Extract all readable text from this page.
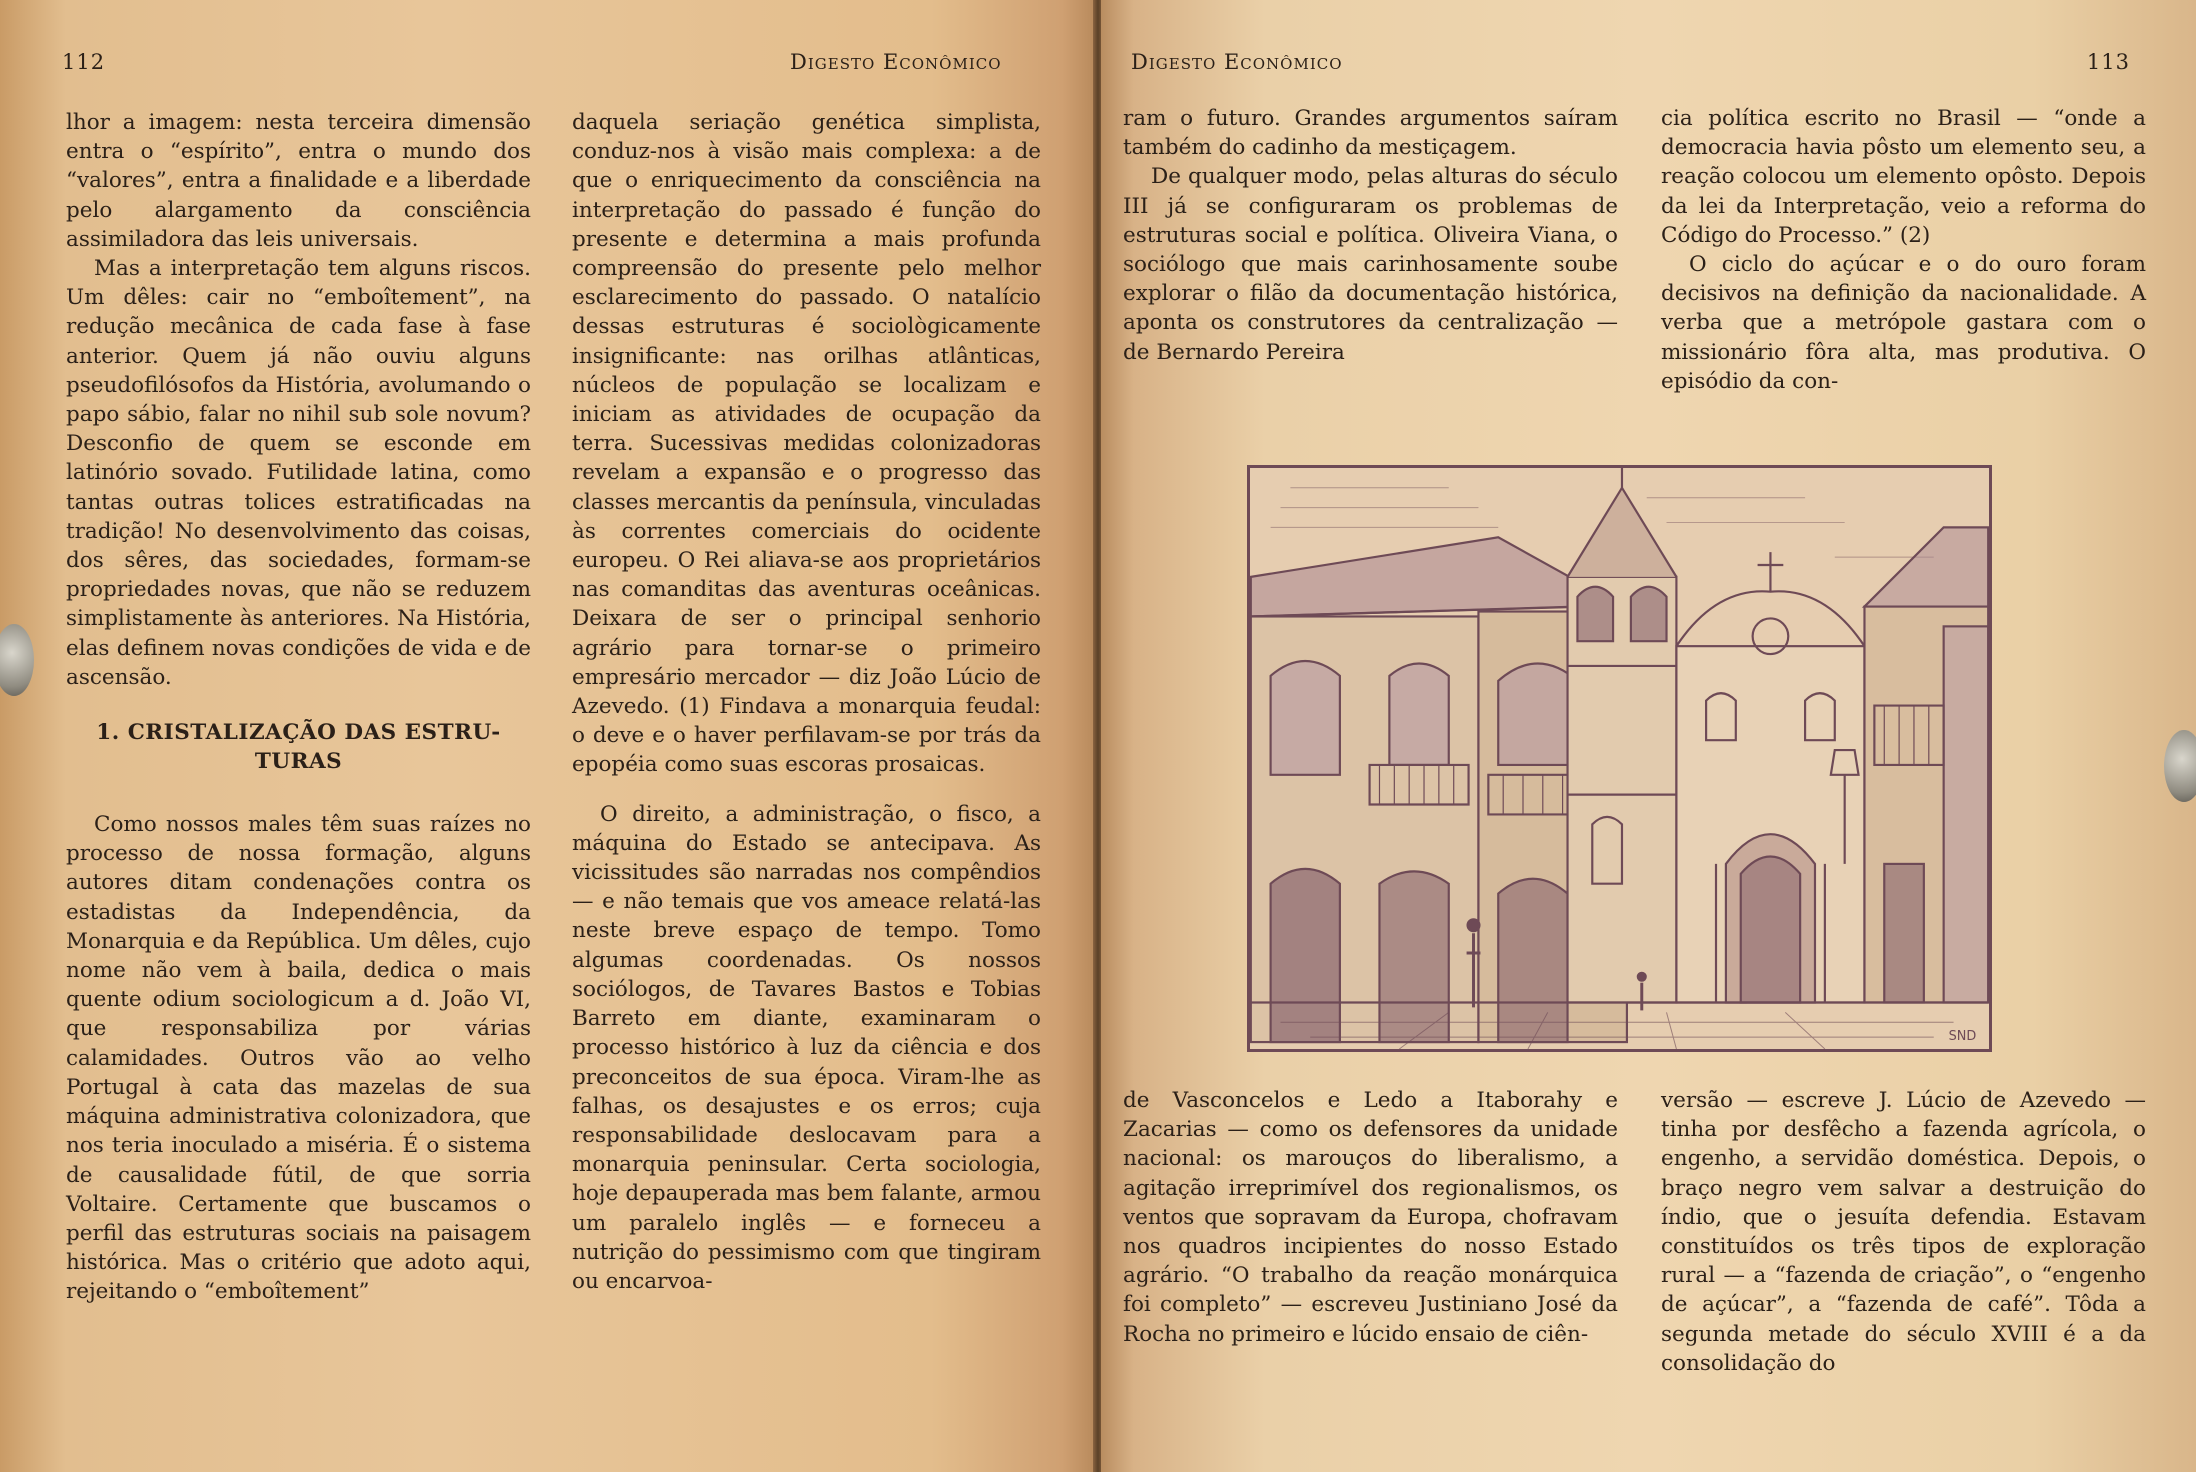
112	Digesto Econômico

lhor a imagem: nesta terceira dimensão entra o “espírito”, entra o mundo dos “valores”, entra a finalidade e a liberdade pelo alargamento da consciência assimiladora das leis universais.

Mas a interpretação tem alguns riscos. Um dêles: cair no “emboîtement”, na redução mecânica de cada fase à fase anterior. Quem já não ouviu alguns pseudofilósofos da História, avolumando o papo sábio, falar no nihil sub sole novum? Desconfio de quem se esconde em latinório sovado. Futilidade latina, como tantas outras tolices estratificadas na tradição! No desenvolvimento das coisas, dos sêres, das sociedades, formam-se propriedades novas, que não se reduzem simplistamente às anteriores. Na História, elas definem novas condições de vida e de ascensão.

1. CRISTALIZAÇÃO DAS ESTRU-
TURAS

Como nossos males têm suas raízes no processo de nossa formação, alguns autores ditam condenações contra os estadistas da Independência, da Monarquia e da República. Um dêles, cujo nome não vem à baila, dedica o mais quente odium sociologicum a d. João VI, que responsabiliza por várias calamidades. Outros vão ao velho Portugal à cata das mazelas de sua máquina administrativa colonizadora, que nos teria inoculado a miséria. É o sistema de causalidade fútil, de que sorria Voltaire. Certamente que buscamos o perfil das estruturas sociais na paisagem histórica. Mas o critério que adoto aqui, rejeitando o “emboîtement”

daquela seriação genética simplista, conduz-nos à visão mais complexa: a de que o enriquecimento da consciência na interpretação do passado é função do presente e determina a mais profunda compreensão do presente pelo melhor esclarecimento do passado. O natalício dessas estruturas é sociològicamente insignificante: nas orilhas atlânticas, núcleos de população se localizam e iniciam as atividades de ocupação da terra. Sucessivas medidas colonizadoras revelam a expansão e o progresso das classes mercantis da península, vinculadas às correntes comerciais do ocidente europeu. O Rei aliava-se aos proprietários nas comanditas das aventuras oceânicas. Deixara de ser o principal senhorio agrário para tornar-se o primeiro empresário mercador — diz João Lúcio de Azevedo. (1) Findava a monarquia feudal: o deve e o haver perfilavam-se por trás da epopéia como suas escoras prosaicas.

O direito, a administração, o fisco, a máquina do Estado se antecipava. As vicissitudes são narradas nos compêndios — e não temais que vos ameace relatá-las neste breve espaço de tempo. Tomo algumas coordenadas. Os nossos sociólogos, de Tavares Bastos e Tobias Barreto em diante, examinaram o processo histórico à luz da ciência e dos preconceitos de sua época. Viram-lhe as falhas, os desajustes e os erros; cuja responsabilidade deslocavam para a monarquia peninsular. Certa sociologia, hoje depauperada mas bem falante, armou um paralelo inglês — e forneceu a nutrição do pessimismo com que tingiram ou encarvoa-

Digesto Econômico	113

ram o futuro. Grandes argumentos saíram também do cadinho da mestiçagem.

De qualquer modo, pelas alturas do século III já se configuraram os problemas de estruturas social e política. Oliveira Viana, o sociólogo que mais carinhosamente soube explorar o filão da documentação histórica, aponta os construtores da centralização — de Bernardo Pereira

cia política escrito no Brasil — “onde a democracia havia pôsto um elemento seu, a reação colocou um elemento opôsto. Depois da lei da Interpretação, veio a reforma do Código do Processo.” (2)

O ciclo do açúcar e o do ouro foram decisivos na definição da nacionalidade. A verba que a metrópole gastara com o missionário fôra alta, mas produtiva. O episódio da con-

de Vasconcelos e Ledo a Itaborahy e Zacarias — como os defensores da unidade nacional: os marouços do liberalismo, a agitação irreprimível dos regionalismos, os ventos que sopravam da Europa, chofravam nos quadros incipientes do nosso Estado agrário. “O trabalho da reação monárquica foi completo” — escreveu Justiniano José da Rocha no primeiro e lúcido ensaio de ciên-

versão — escreve J. Lúcio de Azevedo — tinha por desfêcho a fazenda agrícola, o engenho, a servidão doméstica. Depois, o braço negro vem salvar a destruição do índio, que o jesuíta defendia. Estavam constituídos os três tipos de exploração rural — a “fazenda de criação”, o “engenho de açúcar”, a “fazenda de café”. Tôda a segunda metade do século XVIII é a da consolidação do

SND
